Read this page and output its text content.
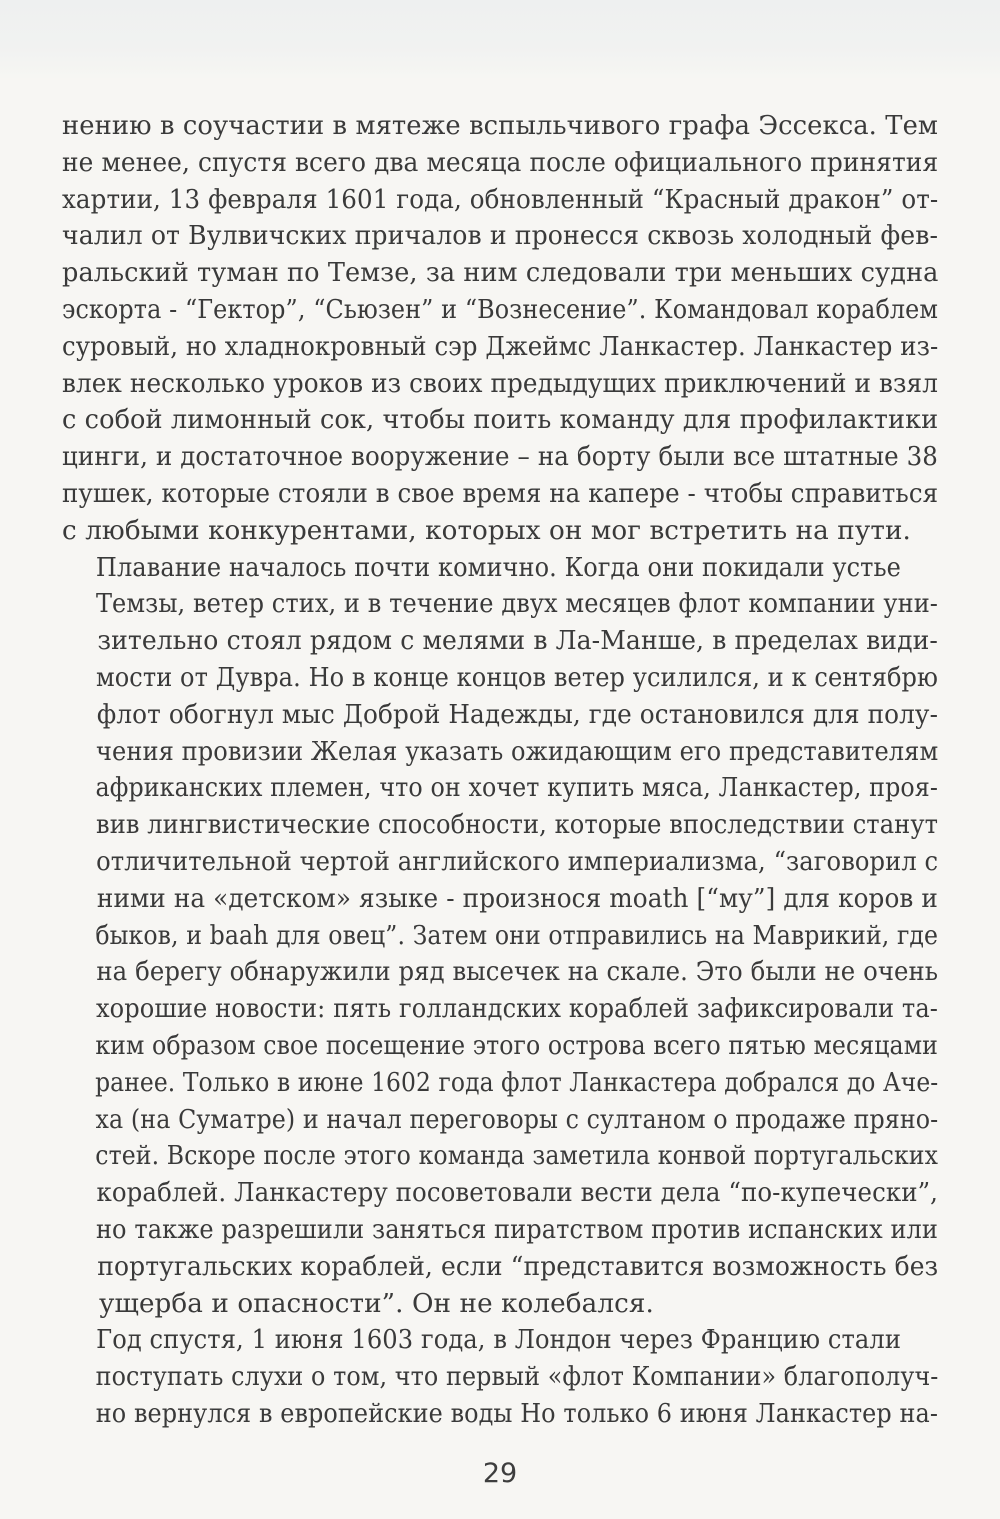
нению в соучастии в мятеже вспыльчивого графа Эссекса. Тем
не менее, спустя всего два месяца после официального принятия
хартии, 13 февраля 1601 года, обновленный “Красный дракон” от-
чалил от Вулвичских причалов и пронесся сквозь холодный фев-
ральский туман по Темзе, за ним следовали три меньших судна
эскорта - “Гектор”, “Сьюзен” и “Вознесение”. Командовал кораблем
суровый, но хладнокровный сэр Джеймс Ланкастер. Ланкастер из-
влек несколько уроков из своих предыдущих приключений и взял
с собой лимонный сок, чтобы поить команду для профилактики
цинги, и достаточное вооружение – на борту были все штатные 38
пушек, которые стояли в свое время на капере - чтобы справиться
с любыми конкурентами, которых он мог встретить на пути.

Плавание началось почти комично. Когда они покидали устье
Темзы, ветер стих, и в течение двух месяцев флот компании уни-
зительно стоял рядом с мелями в Ла-Манше, в пределах види-
мости от Дувра. Но в конце концов ветер усилился, и к сентябрю
флот обогнул мыс Доброй Надежды, где остановился для полу-
чения провизии Желая указать ожидающим его представителям
африканских племен, что он хочет купить мяса, Ланкастер, проя-
вив лингвистические способности, которые впоследствии станут
отличительной чертой английского империализма, “заговорил с
ними на «детском» языке - произнося moath [“му”] для коров и
быков, и baah для овец”. Затем они отправились на Маврикий, где
на берегу обнаружили ряд высечек на скале. Это были не очень
хорошие новости: пять голландских кораблей зафиксировали та-
ким образом свое посещение этого острова всего пятью месяцами
ранее. Только в июне 1602 года флот Ланкастера добрался до Аче-
ха (на Суматре) и начал переговоры с султаном о продаже пряно-
стей. Вскоре после этого команда заметила конвой португальских
кораблей. Ланкастеру посоветовали вести дела “по-купечески”,
но также разрешили заняться пиратством против испанских или
португальских кораблей, если “представится возможность без
ущерба и опасности”. Он не колебался.

Год спустя, 1 июня 1603 года, в Лондон через Францию стали
поступать слухи о том, что первый «флот Компании» благополуч-
но вернулся в европейские воды Но только 6 июня Ланкастер на-

29
